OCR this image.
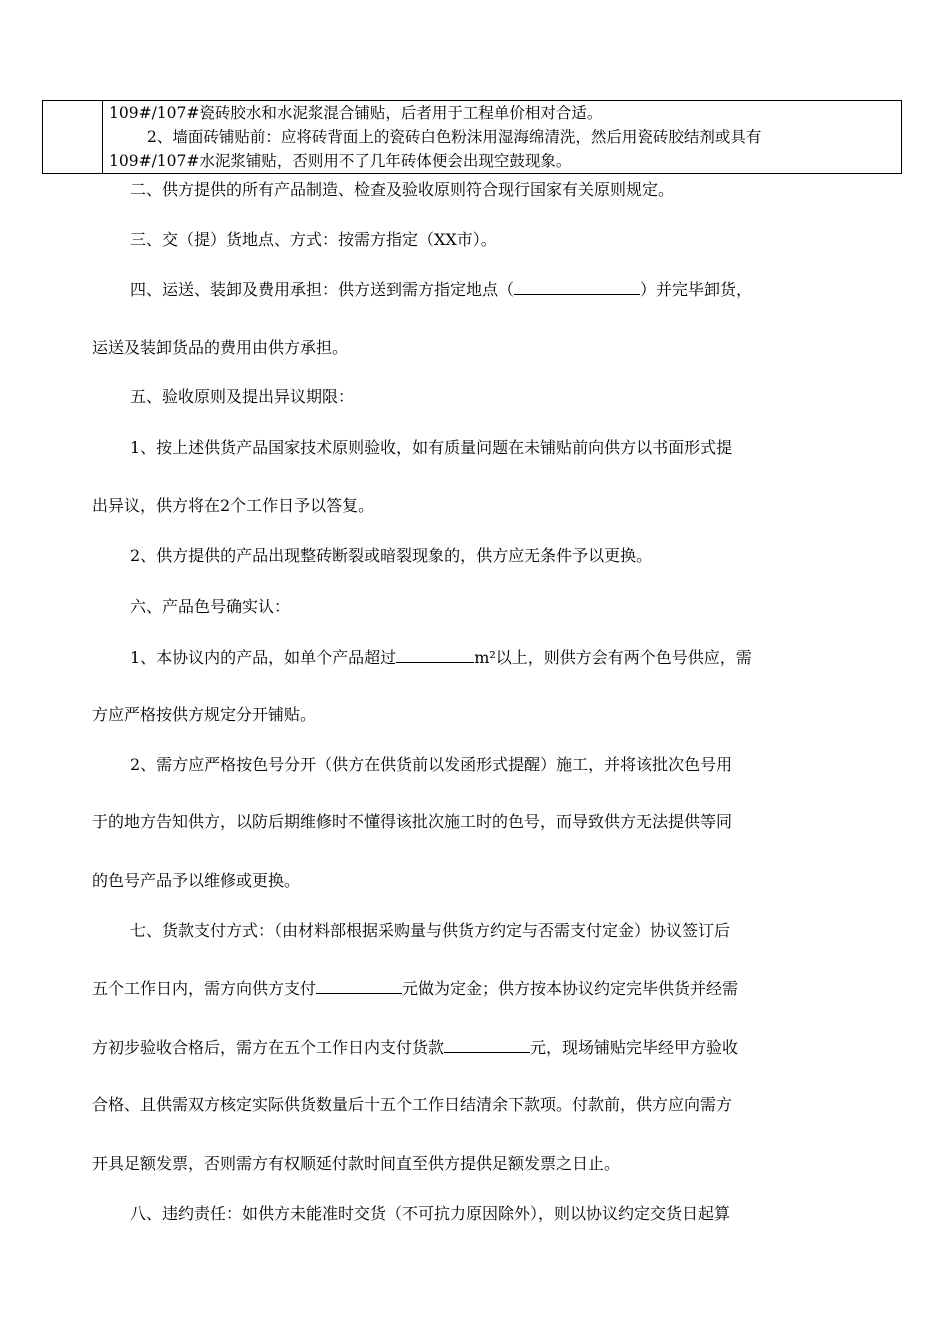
109#/107#瓷砖胶水和水泥浆混合铺贴，后者用于工程单价相对合适。
2、墙面砖铺贴前：应将砖背面上的瓷砖白色粉沫用湿海绵清洗，然后用瓷砖胶结剂或具有
109#/107#水泥浆铺贴，否则用不了几年砖体便会出现空鼓现象。
二、供方提供的所有产品制造、检查及验收原则符合现行国家有关原则规定。
三、交（提）货地点、方式：按需方指定（XX市）。
四、运送、装卸及费用承担：供方送到需方指定地点（	）并完毕卸货，
运送及装卸货品的费用由供方承担。
五、验收原则及提出异议期限：
1、按上述供货产品国家技术原则验收，如有质量问题在未铺贴前向供方以书面形式提
出异议，供方将在2个工作日予以答复。
2、供方提供的产品出现整砖断裂或暗裂现象的，供方应无条件予以更换。
六、产品色号确实认：
1、本协议内的产品，如单个产品超过	m²以上，则供方会有两个色号供应，需
方应严格按供方规定分开铺贴。
2、需方应严格按色号分开（供方在供货前以发函形式提醒）施工，并将该批次色号用
于的地方告知供方，以防后期维修时不懂得该批次施工时的色号，而导致供方无法提供等同
的色号产品予以维修或更换。
七、货款支付方式：（由材料部根据采购量与供货方约定与否需支付定金）协议签订后
五个工作日内，需方向供方支付	元做为定金；供方按本协议约定完毕供货并经需
方初步验收合格后，需方在五个工作日内支付货款	元，现场铺贴完毕经甲方验收
合格、且供需双方核定实际供货数量后十五个工作日结清余下款项。付款前，供方应向需方
开具足额发票，否则需方有权顺延付款时间直至供方提供足额发票之日止。
八、违约责任：如供方未能准时交货（不可抗力原因除外），则以协议约定交货日起算
